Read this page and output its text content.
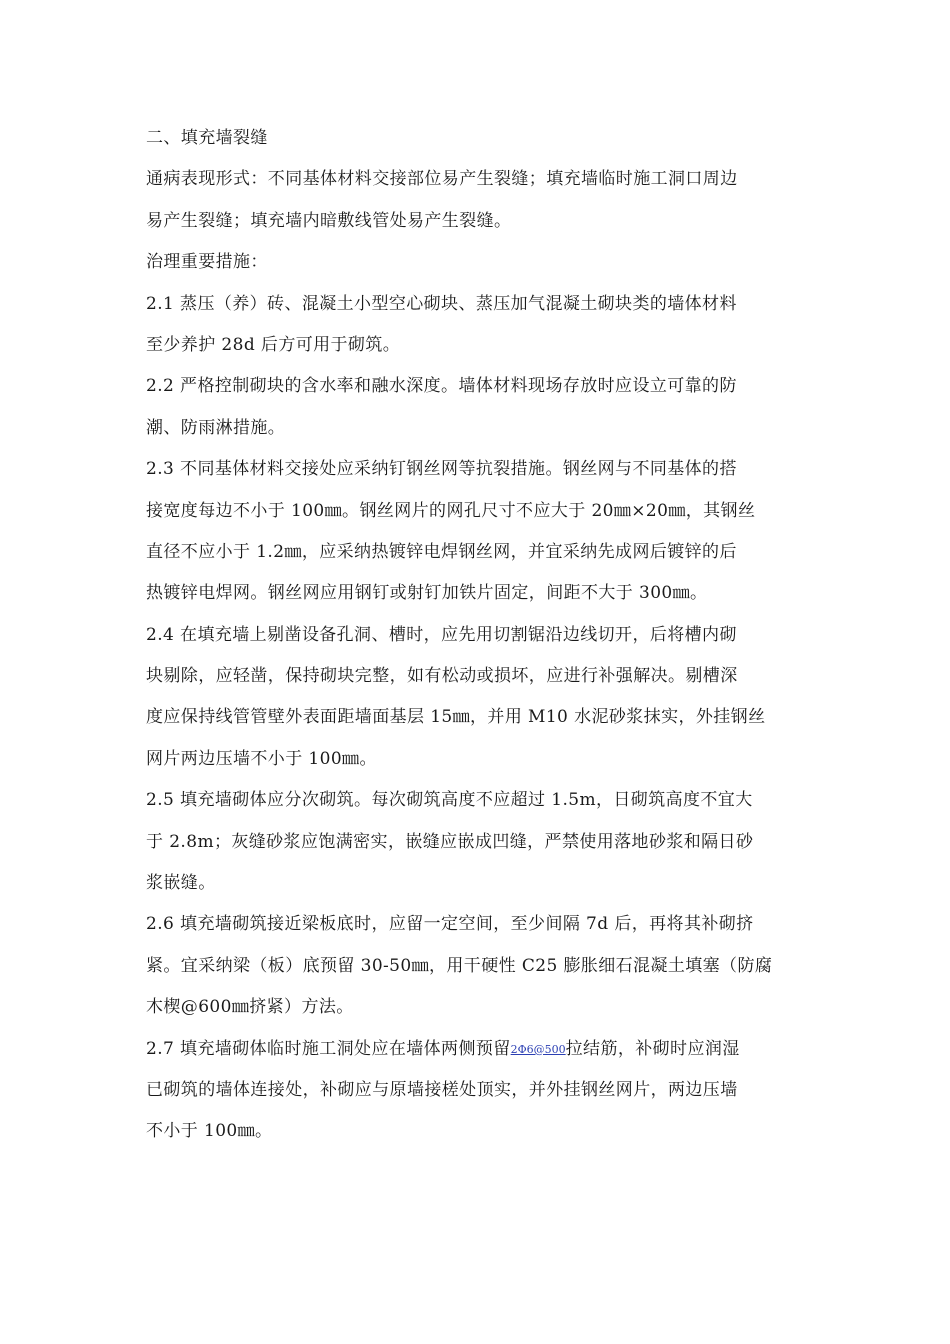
二、填充墙裂缝
通病表现形式：不同基体材料交接部位易产生裂缝；填充墙临时施工洞口周边
易产生裂缝；填充墙内暗敷线管处易产生裂缝。
治理重要措施：
2.1 蒸压（养）砖、混凝土小型空心砌块、蒸压加气混凝土砌块类的墙体材料
至少养护 28d 后方可用于砌筑。
2.2 严格控制砌块的含水率和融水深度。墙体材料现场存放时应设立可靠的防
潮、防雨淋措施。
2.3 不同基体材料交接处应采纳钉钢丝网等抗裂措施。钢丝网与不同基体的搭
接宽度每边不小于 100㎜。钢丝网片的网孔尺寸不应大于 20㎜×20㎜，其钢丝
直径不应小于 1.2㎜，应采纳热镀锌电焊钢丝网，并宜采纳先成网后镀锌的后
热镀锌电焊网。钢丝网应用钢钉或射钉加铁片固定，间距不大于 300㎜。
2.4 在填充墙上剔凿设备孔洞、槽时，应先用切割锯沿边线切开，后将槽内砌
块剔除，应轻凿，保持砌块完整，如有松动或损坏，应进行补强解决。剔槽深
度应保持线管管壁外表面距墙面基层 15㎜，并用 M10 水泥砂浆抹实，外挂钢丝
网片两边压墙不小于 100㎜。
2.5 填充墙砌体应分次砌筑。每次砌筑高度不应超过 1.5m，日砌筑高度不宜大
于 2.8m；灰缝砂浆应饱满密实，嵌缝应嵌成凹缝，严禁使用落地砂浆和隔日砂
浆嵌缝。
2.6 填充墙砌筑接近梁板底时，应留一定空间，至少间隔 7d 后，再将其补砌挤
紧。宜采纳梁（板）底预留 30-50㎜，用干硬性 C25 膨胀细石混凝土填塞（防腐
木楔@600㎜挤紧）方法。
2.7 填充墙砌体临时施工洞处应在墙体两侧预留2Φ6@500拉结筋，补砌时应润湿
已砌筑的墙体连接处，补砌应与原墙接槎处顶实，并外挂钢丝网片，两边压墙
不小于 100㎜。
